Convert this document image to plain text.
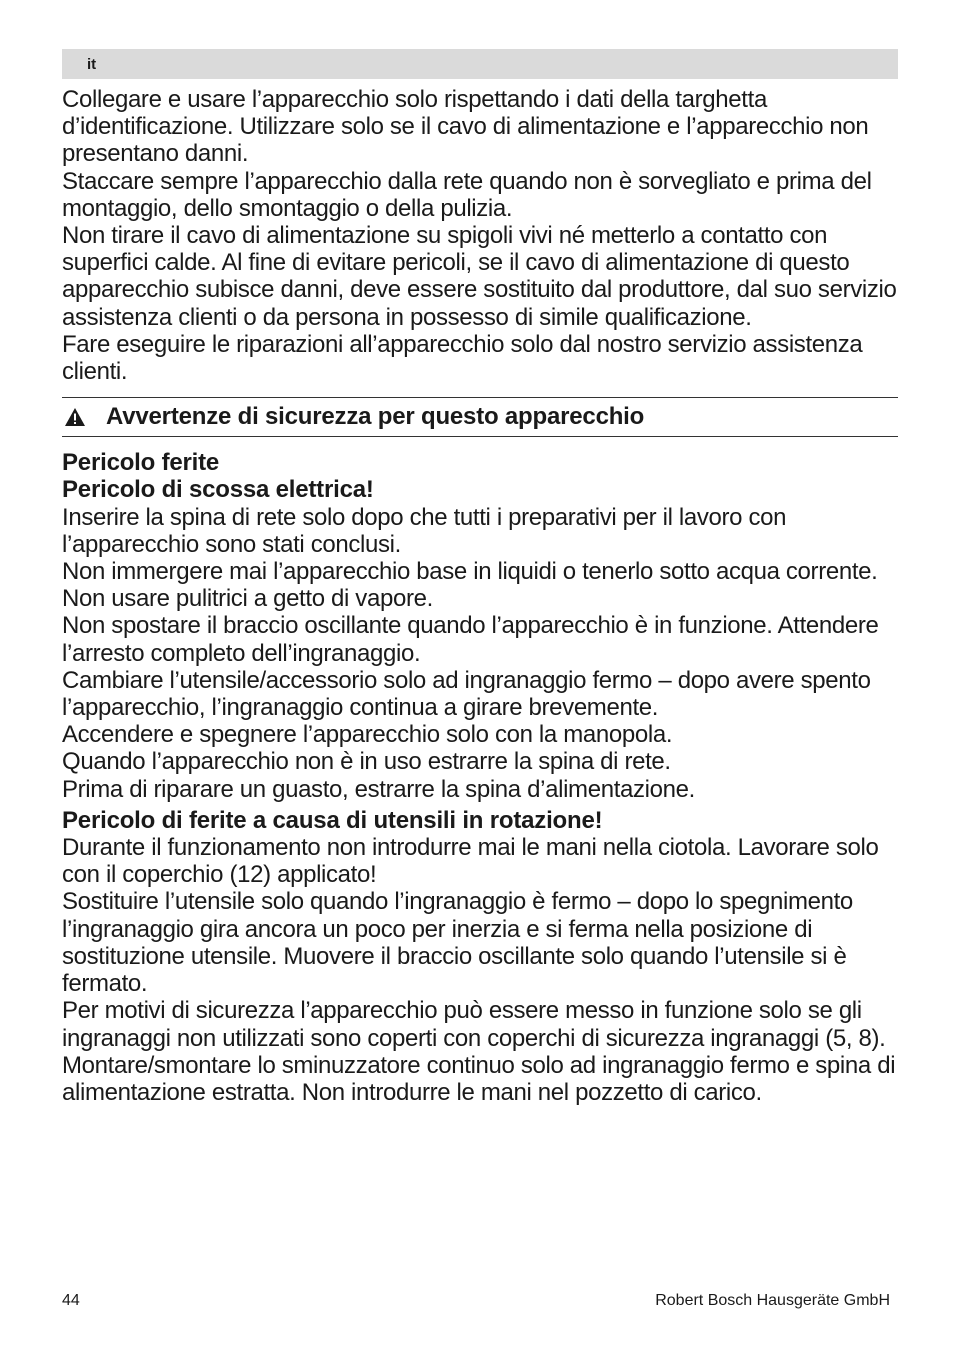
it

Collegare e usare l’apparecchio solo rispettando i dati della targhetta d’identificazione. Utilizzare solo se il cavo di alimentazione e l’apparecchio non presentano danni.

Staccare sempre l’apparecchio dalla rete quando non è sorvegliato e prima del montaggio, dello smontaggio o della pulizia.

Non tirare il cavo di alimentazione su spigoli vivi né metterlo a contatto con superfici calde. Al fine di evitare pericoli, se il cavo di alimentazione di questo apparecchio subisce danni, deve essere sostituito dal produttore, dal suo servizio assistenza clienti o da persona in possesso di simile qualificazione.

Fare eseguire le riparazioni all’apparecchio solo dal nostro servizio assistenza clienti.

Avvertenze di sicurezza per questo apparecchio
Pericolo ferite
Pericolo di scossa elettrica!

Inserire la spina di rete solo dopo che tutti i preparativi per il lavoro con l’apparecchio sono stati conclusi.

Non immergere mai l’apparecchio base in liquidi o tenerlo sotto acqua corrente.

Non usare pulitrici a getto di vapore.

Non spostare il braccio oscillante quando l’apparecchio è in funzione. Attendere l’arresto completo dell’ingranaggio.

Cambiare l’utensile/accessorio solo ad ingranaggio fermo – dopo avere spento l’apparecchio, l’ingranaggio continua a girare brevemente.

Accendere e spegnere l’apparecchio solo con la manopola.

Quando l’apparecchio non è in uso estrarre la spina di rete.

Prima di riparare un guasto, estrarre la spina d’alimentazione.

Pericolo di ferite a causa di utensili in rotazione!

Durante il funzionamento non introdurre mai le mani nella ciotola. Lavorare solo con il coperchio (12) applicato!

Sostituire l’utensile solo quando l’ingranaggio è fermo – dopo lo spegnimento l’ingranaggio gira ancora un poco per inerzia e si ferma nella posizione di sostituzione utensile. Muovere il braccio oscillante solo quando l’utensile si è fermato.

Per motivi di sicurezza l’apparecchio può essere messo in funzione solo se gli ingranaggi non utilizzati sono coperti con coperchi di sicurezza ingranaggi (5, 8).

Montare/smontare lo sminuzzatore continuo solo ad ingranaggio fermo e spina di alimentazione estratta. Non introdurre le mani nel pozzetto di carico.

44	Robert Bosch Hausgeräte GmbH
